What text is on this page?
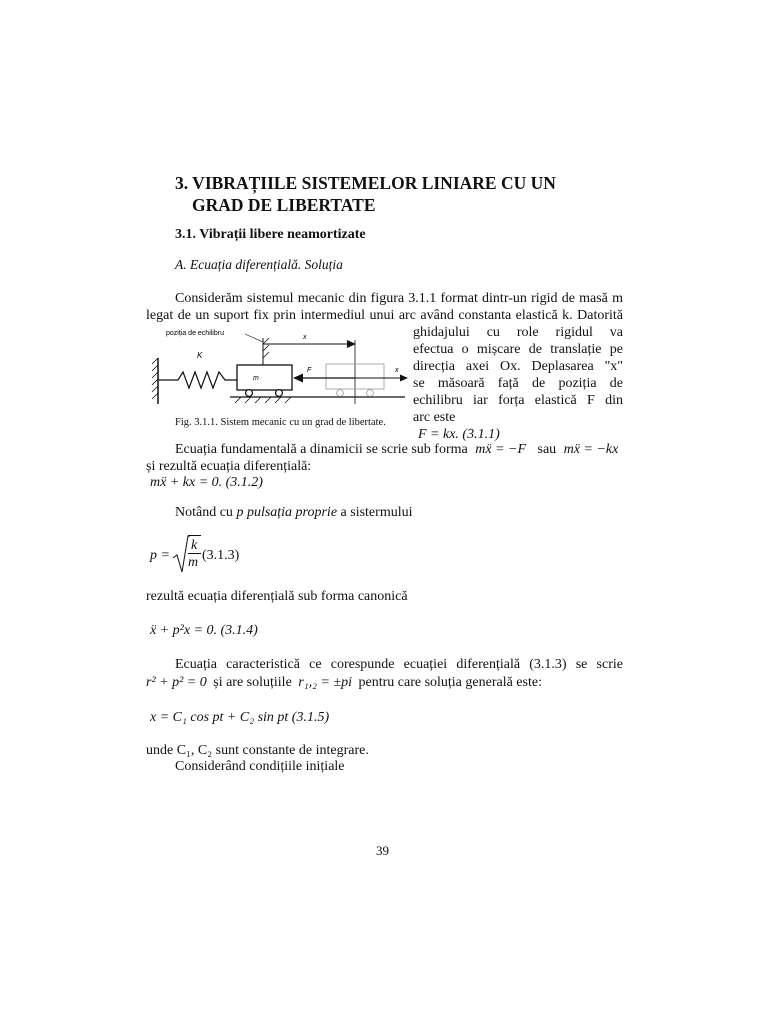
3. VIBRAȚIILE SISTEMELOR LINIARE CU UN
GRAD DE LIBERTATE
3.1. Vibrații libere neamortizate
A. Ecuația diferențială. Soluția
Considerăm sistemul mecanic din figura 3.1.1 format dintr-un rigid de masă m
legat de un suport fix prin intermediul unui arc având constanta elastică k. Datorită
ghidajului cu role rigidul va
efectua o mișcare de translație pe
direcția axei Ox. Deplasarea "x"
se măsoară față de poziția de
echilibru iar forța elastică F din
arc este
F = kx. (3.1.1)
K
m
poziția de echilibru
x
F	x
Fig. 3.1.1. Sistem mecanic cu un grad de libertate.
Ecuația fundamentală a dinamicii se scrie sub forma mẍ = −F sau mẍ = −kx
și rezultă ecuația diferențială:
mẍ + kx = 0. (3.1.2)
Notând cu p pulsația proprie a sistermului
p =
k
m (3.1.3)
rezultă ecuația diferențială sub forma canonică
ẍ + p²x = 0. (3.1.4)
Ecuația caracteristică ce corespunde ecuației diferențială (3.1.3) se scrie
r² + p² = 0 și are soluțiile r₁,₂ = ±pi pentru care soluția generală este:
x = C₁ cos pt + C₂ sin pt (3.1.5)
unde C₁, C₂ sunt constante de integrare.
Considerând condițiile inițiale
39
